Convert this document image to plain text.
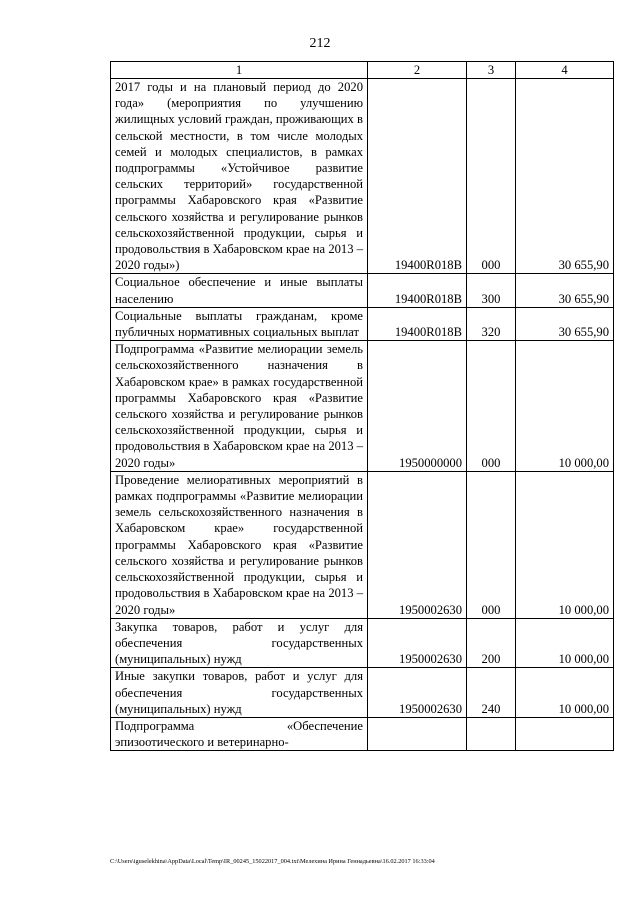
212
1	2	3	4
2017 годы и на плановый период до 2020 года» (мероприятия по улучшению жилищных условий граждан, проживающих в сельской местности, в том числе молодых семей и молодых специалистов, в рамках подпрограммы «Устойчивое развитие сельских территорий» государственной программы Хабаровского края «Развитие сельского хозяйства и регулирование рынков сельскохозяйственной продукции, сырья и продовольствия в Хабаровском крае на 2013 – 2020 годы»)	19400R018В	000	30 655,90
Социальное обеспечение и иные выплаты населению	19400R018В	300	30 655,90
Социальные выплаты гражданам, кроме публичных нормативных социальных выплат	19400R018В	320	30 655,90
Подпрограмма «Развитие мелиорации земель сельскохозяйственного назначения в Хабаровском крае» в рамках государственной программы Хабаровского края «Развитие сельского хозяйства и регулирование рынков сельскохозяйственной продукции, сырья и продовольствия в Хабаровском крае на 2013 – 2020 годы»	1950000000	000	10 000,00
Проведение мелиоративных мероприятий в рамках подпрограммы «Развитие мелиорации земель сельскохозяйственного назначения в Хабаровском крае» государственной программы Хабаровского края «Развитие сельского хозяйства и регулирование рынков сельскохозяйственной продукции, сырья и продовольствия в Хабаровском крае на 2013 – 2020 годы»	1950002630	000	10 000,00
Закупка товаров, работ и услуг для обеспечения государственных (муниципальных) нужд	1950002630	200	10 000,00
Иные закупки товаров, работ и услуг для обеспечения государственных (муниципальных) нужд	1950002630	240	10 000,00
Подпрограмма «Обеспечение эпизоотического и ветеринарно-			
C:\Users\iguselekhina\AppData\Local\Temp\IR_00245_15022017_004.txt\Мелехина Ирина Геннадьевна\16.02.2017 16:33:04
